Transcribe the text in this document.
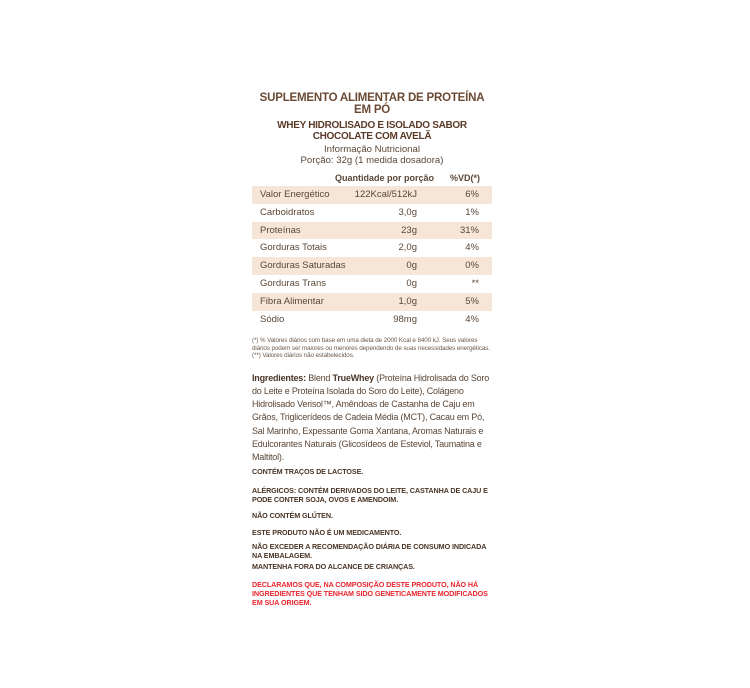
SUPLEMENTO ALIMENTAR DE PROTEÍNA EM PÓ
WHEY HIDROLISADO E ISOLADO SABOR CHOCOLATE COM AVELÃ
Informação Nutricional
Porção: 32g (1 medida dosadora)
Quantidade por porção %VD(*)
Valor Energético	122Kcal/512kJ	6%
Carboidratos	3,0g	1%
Proteínas	23g	31%
Gorduras Totais	2,0g	4%
Gorduras Saturadas	0g	0%
Gorduras Trans	0g	**
Fibra Alimentar	1,0g	5%
Sódio	98mg	4%
(*) % Valores diários com base em uma dieta de 2000 Kcal e 8400 kJ. Seus valores diários podem ser maiores ou menores dependendo de suas necessidades energéticas. (**) Valores diários não estabelecidos.
Ingredientes: Blend TrueWhey (Proteína Hidrolisada do Soro do Leite e Proteína Isolada do Soro do Leite), Colágeno Hidrolisado Verisol™, Amêndoas de Castanha de Caju em Grãos, Triglicerídeos de Cadeia Média (MCT), Cacau em Pó, Sal Marinho, Expessante Goma Xantana, Aromas Naturais e Edulcorantes Naturais (Glicosídeos de Esteviol, Taumatina e Maltitol).
CONTÉM TRAÇOS DE LACTOSE.
ALÉRGICOS: CONTÉM DERIVADOS DO LEITE, CASTANHA DE CAJU E PODE CONTER SOJA, OVOS E AMENDOIM.
NÃO CONTÉM GLÚTEN.
ESTE PRODUTO NÃO É UM MEDICAMENTO.
NÃO EXCEDER A RECOMENDAÇÃO DIÁRIA DE CONSUMO INDICADA NA EMBALAGEM.
MANTENHA FORA DO ALCANCE DE CRIANÇAS.
DECLARAMOS QUE, NA COMPOSIÇÃO DESTE PRODUTO, NÃO HÁ INGREDIENTES QUE TENHAM SIDO GENETICAMENTE MODIFICADOS EM SUA ORIGEM.
